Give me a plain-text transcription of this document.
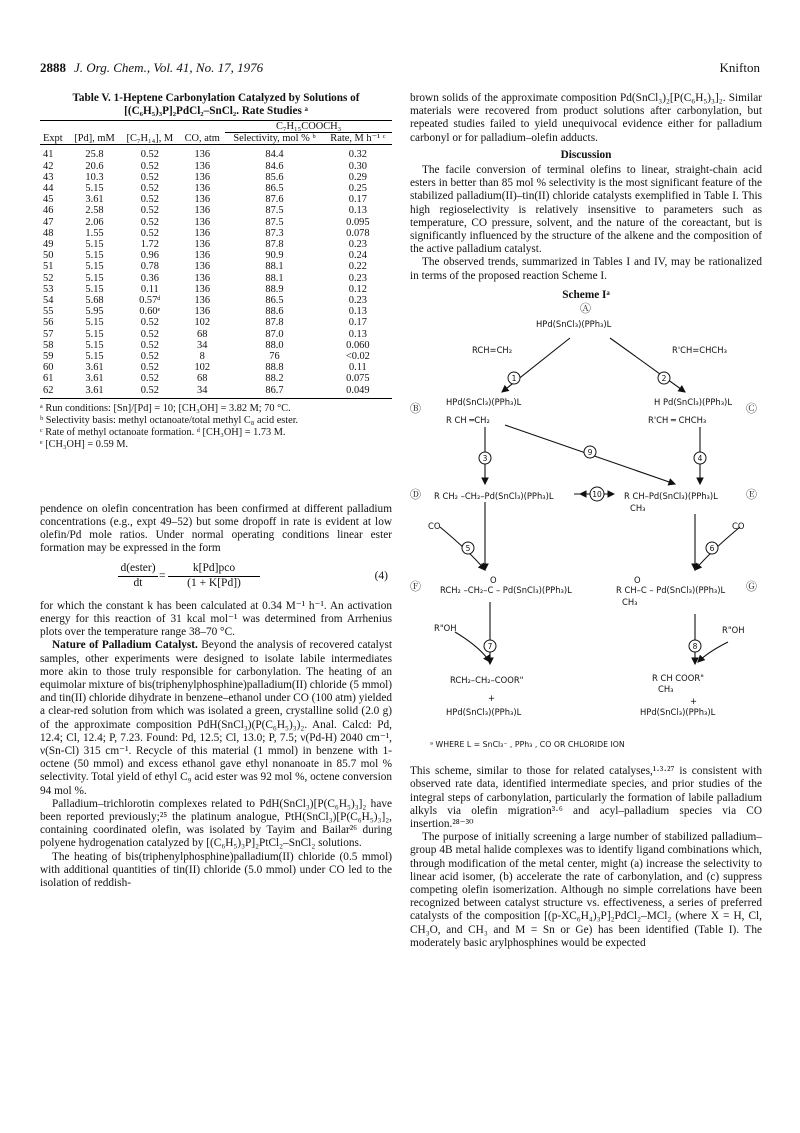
2888 J. Org. Chem., Vol. 41, No. 17, 1976	Knifton
Table V. 1-Heptene Carbonylation Catalyzed by Solutions of [(C₆H₅)₃P]₂PdCl₂–SnCl₂. Rate Studies ᵃ
				C₇H₁₅COOCH₃	
Expt	[Pd], mM	[C₇H₁₄], M	CO, atm	Selectivity, mol % ᵇ	Rate, M h⁻¹ ᶜ

41	25.8	0.52	136	84.4	0.32
42	20.6	0.52	136	84.6	0.30
43	10.3	0.52	136	85.6	0.29
44	5.15	0.52	136	86.5	0.25
45	3.61	0.52	136	87.6	0.17
46	2.58	0.52	136	87.5	0.13
47	2.06	0.52	136	87.5	0.095
48	1.55	0.52	136	87.3	0.078
49	5.15	1.72	136	87.8	0.23
50	5.15	0.96	136	90.9	0.24
51	5.15	0.78	136	88.1	0.22
52	5.15	0.36	136	88.1	0.23
53	5.15	0.11	136	88.9	0.12
54	5.68	0.57ᵈ	136	86.5	0.23
55	5.95	0.60ᵉ	136	88.6	0.13
56	5.15	0.52	102	87.8	0.17
57	5.15	0.52	68	87.0	0.13
58	5.15	0.52	34	88.0	0.060
59	5.15	0.52	8	76	<0.02
60	3.61	0.52	102	88.8	0.11
61	3.61	0.52	68	88.2	0.075
62	3.61	0.52	34	86.7	0.049
ᵃ Run conditions: [Sn]/[Pd] = 10; [CH₃OH] = 3.82 M; 70 °C.
ᵇ Selectivity basis: methyl octanoate/total methyl C₈ acid ester.
ᶜ Rate of methyl octanoate formation. ᵈ [CH₃OH] = 1.73 M.
ᵉ [CH₃OH] = 0.59 M.

pendence on olefin concentration has been confirmed at different palladium concentrations (e.g., expt 49–52) but some dropoff in rate is evident at low olefin/Pd mole ratios. Under normal operating conditions linear ester formation may be expressed in the form

d(ester)
dt
=
k[Pd]pco
(1 + K[Pd])
(4)

for which the constant k has been calculated at 0.34 M⁻¹ h⁻¹. An activation energy for this reaction of 31 kcal mol⁻¹ was determined from Arrhenius plots over the temperature range 38–70 °C.

Nature of Palladium Catalyst. Beyond the analysis of recovered catalyst samples, other experiments were designed to isolate labile intermediates more akin to those truly responsible for carbonylation. The heating of an equimolar mixture of bis(triphenylphosphine)palladium(II) chloride (5 mmol) and tin(II) chloride dihydrate in benzene–ethanol under CO (100 atm) yielded a clear-red solution from which was isolated a green, crystalline solid (2.0 g) of the approximate composition PdH(SnCl₃)(P(C₆H₅)₃)₂. Anal. Calcd: Pd, 12.4; Cl, 12.4; P, 7.23. Found: Pd, 12.5; Cl, 13.0; P, 7.5; ν(Pd-H) 2040 cm⁻¹, ν(Sn-Cl) 315 cm⁻¹. Recycle of this material (1 mmol) in benzene with 1-octene (50 mmol) and excess ethanol gave ethyl nonanoate in 85.7 mol % selectivity. Total yield of ethyl C₉ acid ester was 92 mol %, octene conversion 94 mol %.

Palladium–trichlorotin complexes related to PdH(SnCl₃)[P(C₆H₅)₃]₂ have been reported previously;²⁵ the platinum analogue, PtH(SnCl₃)[P(C₆H₅)₃]₂, containing coordinated olefin, was isolated by Tayim and Bailar²⁶ during polyene hydrogenation catalyzed by [(C₆H₅)₃P]₂PtCl₂–SnCl₂ solutions.

The heating of bis(triphenylphosphine)palladium(II) chloride (0.5 mmol) with additional quantities of tin(II) chloride (5.0 mmol) under CO led to the isolation of reddish-

brown solids of the approximate composition Pd(SnCl₃)₂[P(C₆H₅)₃]₂. Similar materials were recovered from product solutions after carbonylation, but repeated studies failed to yield unequivocal evidence either for palladium carbonyl or for palladium–olefin adducts.

Discussion

The facile conversion of terminal olefins to linear, straight-chain acid esters in better than 85 mol % selectivity is the most significant feature of the stabilized palladium(II)–tin(II) chloride catalysts exemplified in Table I. This high regioselectivity is relatively insensitive to parameters such as temperature, CO pressure, solvent, and the nature of the coreactant, but is significantly influenced by the structure of the alkene and the composition of the active palladium catalyst.

The observed trends, summarized in Tables I and IV, may be rationalized in terms of the proposed reaction Scheme I.

Scheme Iᵃ
1	2
3	4
5	6
7	8
9
10
Ⓐ
HPd(SnCl₃)(PPh₃)L
RCH=CH₂	R'CH=CHCH₃
Ⓑ	HPd(SnCl₃)(PPh₃)L
R CH ═CH₂
Ⓒ
H Pd(SnCl₃)(PPh₃)L
R'CH ═ CHCH₃
Ⓓ R CH₂ –CH₂–Pd(SnCl₃)(PPh₃)L	R CH–Pd(SnCl₃)(PPh₃)L
CH₃
Ⓔ
CO	CO
Ⓕ	O
RCH₂ –CH₂–C – Pd(SnCl₃)(PPh₃)L
O
R CH–C – Pd(SnCl₃)(PPh₃)L
CH₃
Ⓖ
R"OH	R"OH
RCH₂–CH₂–COOR"	R CH COOR"
CH₃
+	+
HPd(SnCl₃)(PPh₃)L	HPd(SnCl₃)(PPh₃)L
ᵃ WHERE L = SnCl₃⁻ , PPh₃ , CO OR CHLORIDE ION

This scheme, similar to those for related catalyses,¹·³·²⁷ is consistent with observed rate data, identified intermediate species, and prior studies of the integral steps of carbonylation, particularly the formation of labile palladium alkyls via olefin migration³·⁶ and acyl–palladium species via CO insertion.²⁸⁻³⁰

The purpose of initially screening a large number of stabilized palladium–group 4B metal halide complexes was to identify ligand combinations which, through modification of the metal center, might (a) increase the selectivity to linear acid isomer, (b) accelerate the rate of carbonylation, and (c) suppress competing olefin isomerization. Although no simple correlations have been recognized between catalyst structure vs. effectiveness, a series of preferred catalysts of the composition [(p-XC₆H₄)₃P]₂PdCl₂–MCl₂ (where X = H, Cl, CH₃O, and CH₃ and M = Sn or Ge) has been identified (Table I). The moderately basic arylphosphines would be expected
